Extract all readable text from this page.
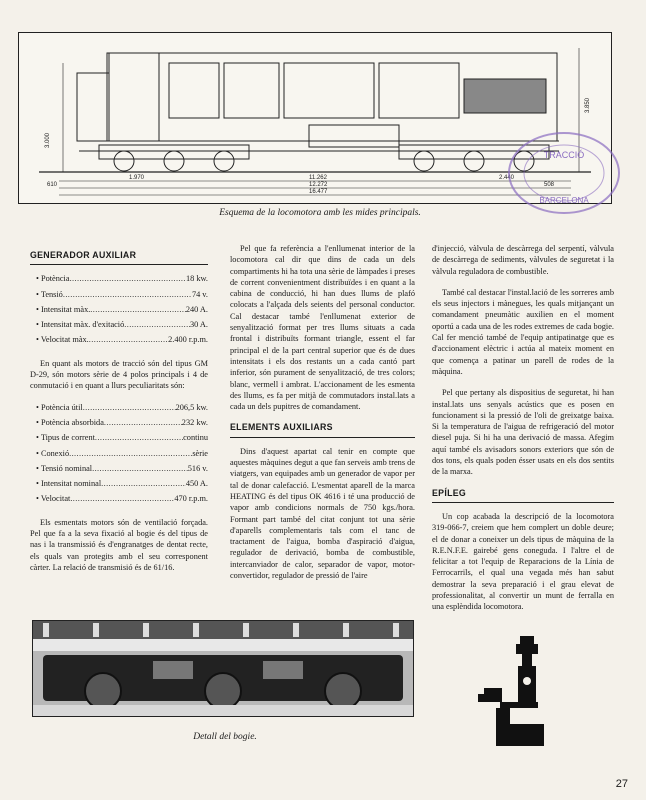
1.970	11.262
12.272
16.477
2.440
508
610
3.000
3.850
TRACCIÓ
BARCELONA
Esquema de la locomotora amb les mides principals.
GENERADOR AUXILIAR
• Potència .....	18 kw.
• Tensió .....	74 v.
• Intensitat màx. .....	240 A.
• Intensitat màx. d'exitació .....	30 A.
• Velocitat màx. .....	2.400 r.p.m.

En quant als motors de tracció són del tipus GM D-29, són motors sèrie de 4 polos principals i 4 de conmutació i en quant a llurs peculiaritats són:

• Potència útil .....	206,5 kw.
• Potència absorbida .....	232 kw.
• Tipus de corrent .....	continu
• Conexió .....	sèrie
• Tensió nominal .....	516 v.
• Intensitat nominal .....	450 A.
• Velocitat .....	470 r.p.m.

Els esmentats motors són de ventilació forçada. Pel que fa a la seva fixació al bogie és del tipus de nas i la transmissió és d'engranatges de dentat recte, els quals van protegits amb el seu corresponent càrter. La relació de transmisió és de 61/16.

Pel que fa referència a l'enllumenat interior de la locomotora cal dir que dins de cada un dels compartiments hi ha tota una sèrie de làmpades i preses de corrent convenientment distribuïdes i en quant a la cabina de conducció, hi han dues llums de plafó colocats a l'alçada dels seients del personal conductor. Cal destacar també l'enllumenat exterior de senyalització format per tres llums situats a cada frontal i distribuïts formant triangle, essent el far principal el de la part central superior que és de dues intensitats i els dos restants un a cada cantó part inferior, són purament de senyalització, de tres colors; blanc, vermell i ambrat. L'accionament de les esmenta des llums, es fa per mitjà de commutadors instal.lats a cada un dels pupitres de comandament.

ELEMENTS AUXILIARS

Dins d'aquest apartat cal tenir en compte que aquestes màquines degut a que fan serveis amb trens de viatgers, van equipades amb un generador de vapor per tal de donar calefacció. L'esmentat aparell de la marca HEATING és del tipus OK 4616 i té una producció de vapor amb condicions normals de 750 kgs./hora. Formant part també del citat conjunt tot una sèrie d'aparells complementaris tals com el tanc de tractament de l'aigua, bomba d'aspiració d'aigua, regulador de derivació, bomba de combustible, intercanviador de calor, separador de vapor, motor-convertidor, regulador de pressió de l'aire

d'injecció, vàlvula de descàrrega del serpentí, vàlvula de descàrrega de sediments, vàlvules de seguretat i la vàlvula reguladora de combustible.

També cal destacar l'instal.lació de les sorreres amb els seus injectors i mànegues, les quals mitjançant un comandament pneumàtic auxilien en el moment oportú a cada una de les rodes extremes de cada bogie. Cal fer menció també de l'equip antipatinatge que es d'accionament elèctric i actúa al mateix moment en que comença a patinar un parell de rodes de la màquina.

Pel que pertany als dispositius de seguretat, hi han instal.lats uns senyals acústics que es posen en funcionament si la pressió de l'oli de greixatge baixa. Si la temperatura de l'aigua de refrigeració del motor diesel puja. Si hi ha una derivació de massa. Afegim aquí també els avisadors sonors exteriors que són de dos tons, els quals poden ésser usats en els dos sentits de la marxa.

EPÍLEG

Un cop acabada la descripció de la locomotora 319-066-7, creiem que hem complert un doble deure; el de donar a coneixer un dels tipus de màquina de la R.E.N.F.E. gairebé gens coneguda. I l'altre el de felicitar a tot l'equip de Reparacions de la Línia de Ferrocarrils, el qual una vegada més han sabut demostrar la seva preparació i el grau elevat de professionalitat, al convertir un munt de ferralla en una esplèndida locomotora.

Detall del bogie.
27
